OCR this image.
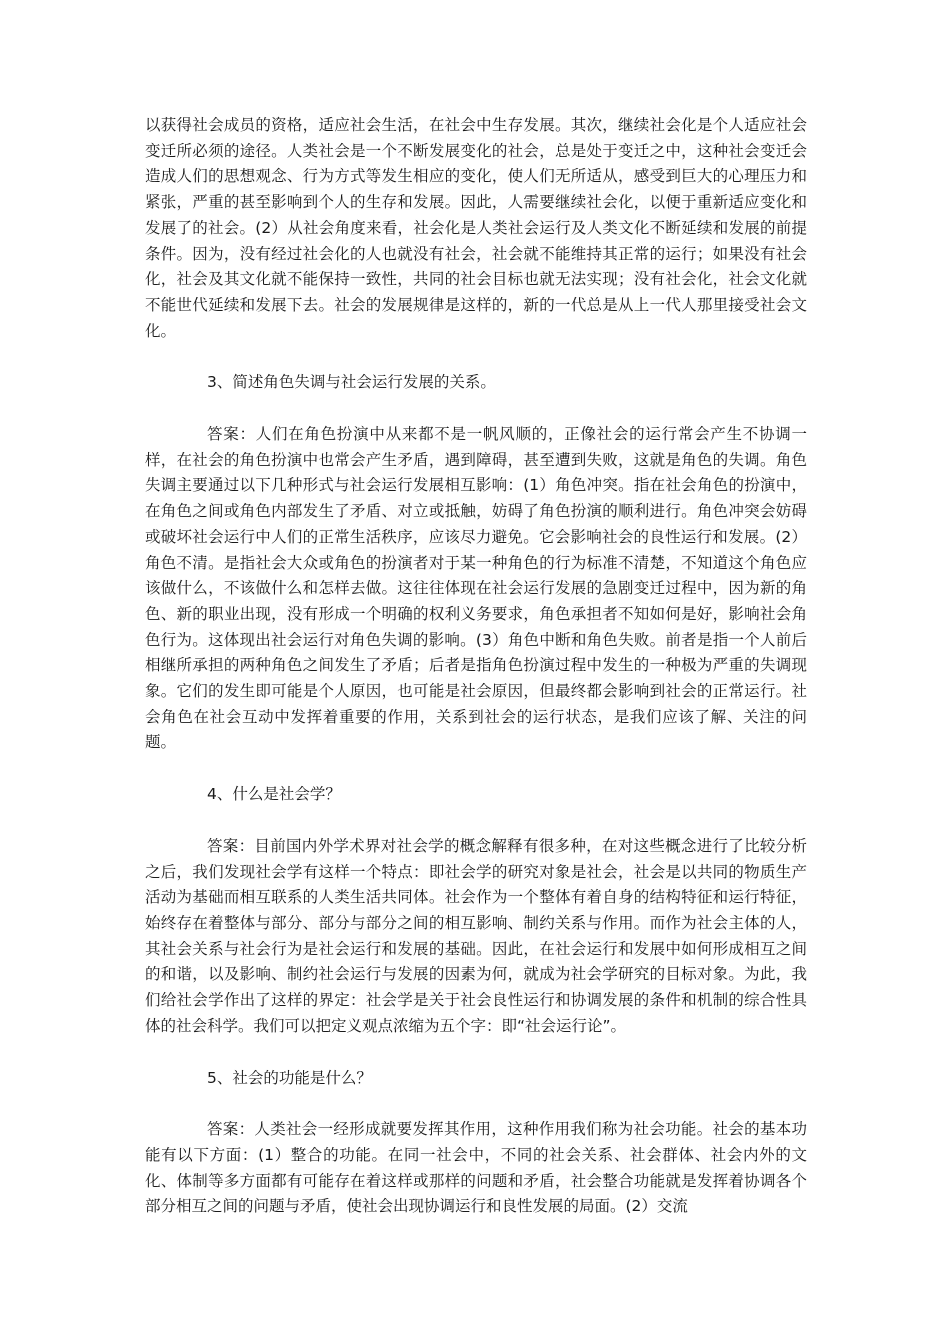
以获得社会成员的资格，适应社会生活，在社会中生存发展。其次，继续社会化是个人适应社会变迁所必须的途径。人类社会是一个不断发展变化的社会，总是处于变迁之中，这种社会变迁会造成人们的思想观念、行为方式等发生相应的变化，使人们无所适从，感受到巨大的心理压力和紧张，严重的甚至影响到个人的生存和发展。因此，人需要继续社会化，以便于重新适应变化和发展了的社会。(2）从社会角度来看，社会化是人类社会运行及人类文化不断延续和发展的前提条件。因为，没有经过社会化的人也就没有社会，社会就不能维持其正常的运行；如果没有社会化，社会及其文化就不能保持一致性，共同的社会目标也就无法实现；没有社会化，社会文化就不能世代延续和发展下去。社会的发展规律是这样的，新的一代总是从上一代人那里接受社会文化。

3、简述角色失调与社会运行发展的关系。

答案：人们在角色扮演中从来都不是一帆风顺的，正像社会的运行常会产生不协调一样，在社会的角色扮演中也常会产生矛盾，遇到障碍，甚至遭到失败，这就是角色的失调。角色失调主要通过以下几种形式与社会运行发展相互影响：(1）角色冲突。指在社会角色的扮演中，在角色之间或角色内部发生了矛盾、对立或抵触，妨碍了角色扮演的顺利进行。角色冲突会妨碍或破坏社会运行中人们的正常生活秩序，应该尽力避免。它会影响社会的良性运行和发展。(2）角色不清。是指社会大众或角色的扮演者对于某一种角色的行为标准不清楚，不知道这个角色应该做什么，不该做什么和怎样去做。这往往体现在社会运行发展的急剧变迁过程中，因为新的角色、新的职业出现，没有形成一个明确的权利义务要求，角色承担者不知如何是好，影响社会角色行为。这体现出社会运行对角色失调的影响。(3）角色中断和角色失败。前者是指一个人前后相继所承担的两种角色之间发生了矛盾；后者是指角色扮演过程中发生的一种极为严重的失调现象。它们的发生即可能是个人原因，也可能是社会原因，但最终都会影响到社会的正常运行。社会角色在社会互动中发挥着重要的作用，关系到社会的运行状态，是我们应该了解、关注的问题。

4、什么是社会学？

答案：目前国内外学术界对社会学的概念解释有很多种，在对这些概念进行了比较分析之后，我们发现社会学有这样一个特点：即社会学的研究对象是社会，社会是以共同的物质生产活动为基础而相互联系的人类生活共同体。社会作为一个整体有着自身的结构特征和运行特征，始终存在着整体与部分、部分与部分之间的相互影响、制约关系与作用。而作为社会主体的人，其社会关系与社会行为是社会运行和发展的基础。因此，在社会运行和发展中如何形成相互之间的和谐，以及影响、制约社会运行与发展的因素为何，就成为社会学研究的目标对象。为此，我们给社会学作出了这样的界定：社会学是关于社会良性运行和协调发展的条件和机制的综合性具体的社会科学。我们可以把定义观点浓缩为五个字：即“社会运行论”。

5、社会的功能是什么？

答案：人类社会一经形成就要发挥其作用，这种作用我们称为社会功能。社会的基本功能有以下方面：(1）整合的功能。在同一社会中，不同的社会关系、社会群体、社会内外的文化、体制等多方面都有可能存在着这样或那样的问题和矛盾，社会整合功能就是发挥着协调各个部分相互之间的问题与矛盾，使社会出现协调运行和良性发展的局面。(2）交流
